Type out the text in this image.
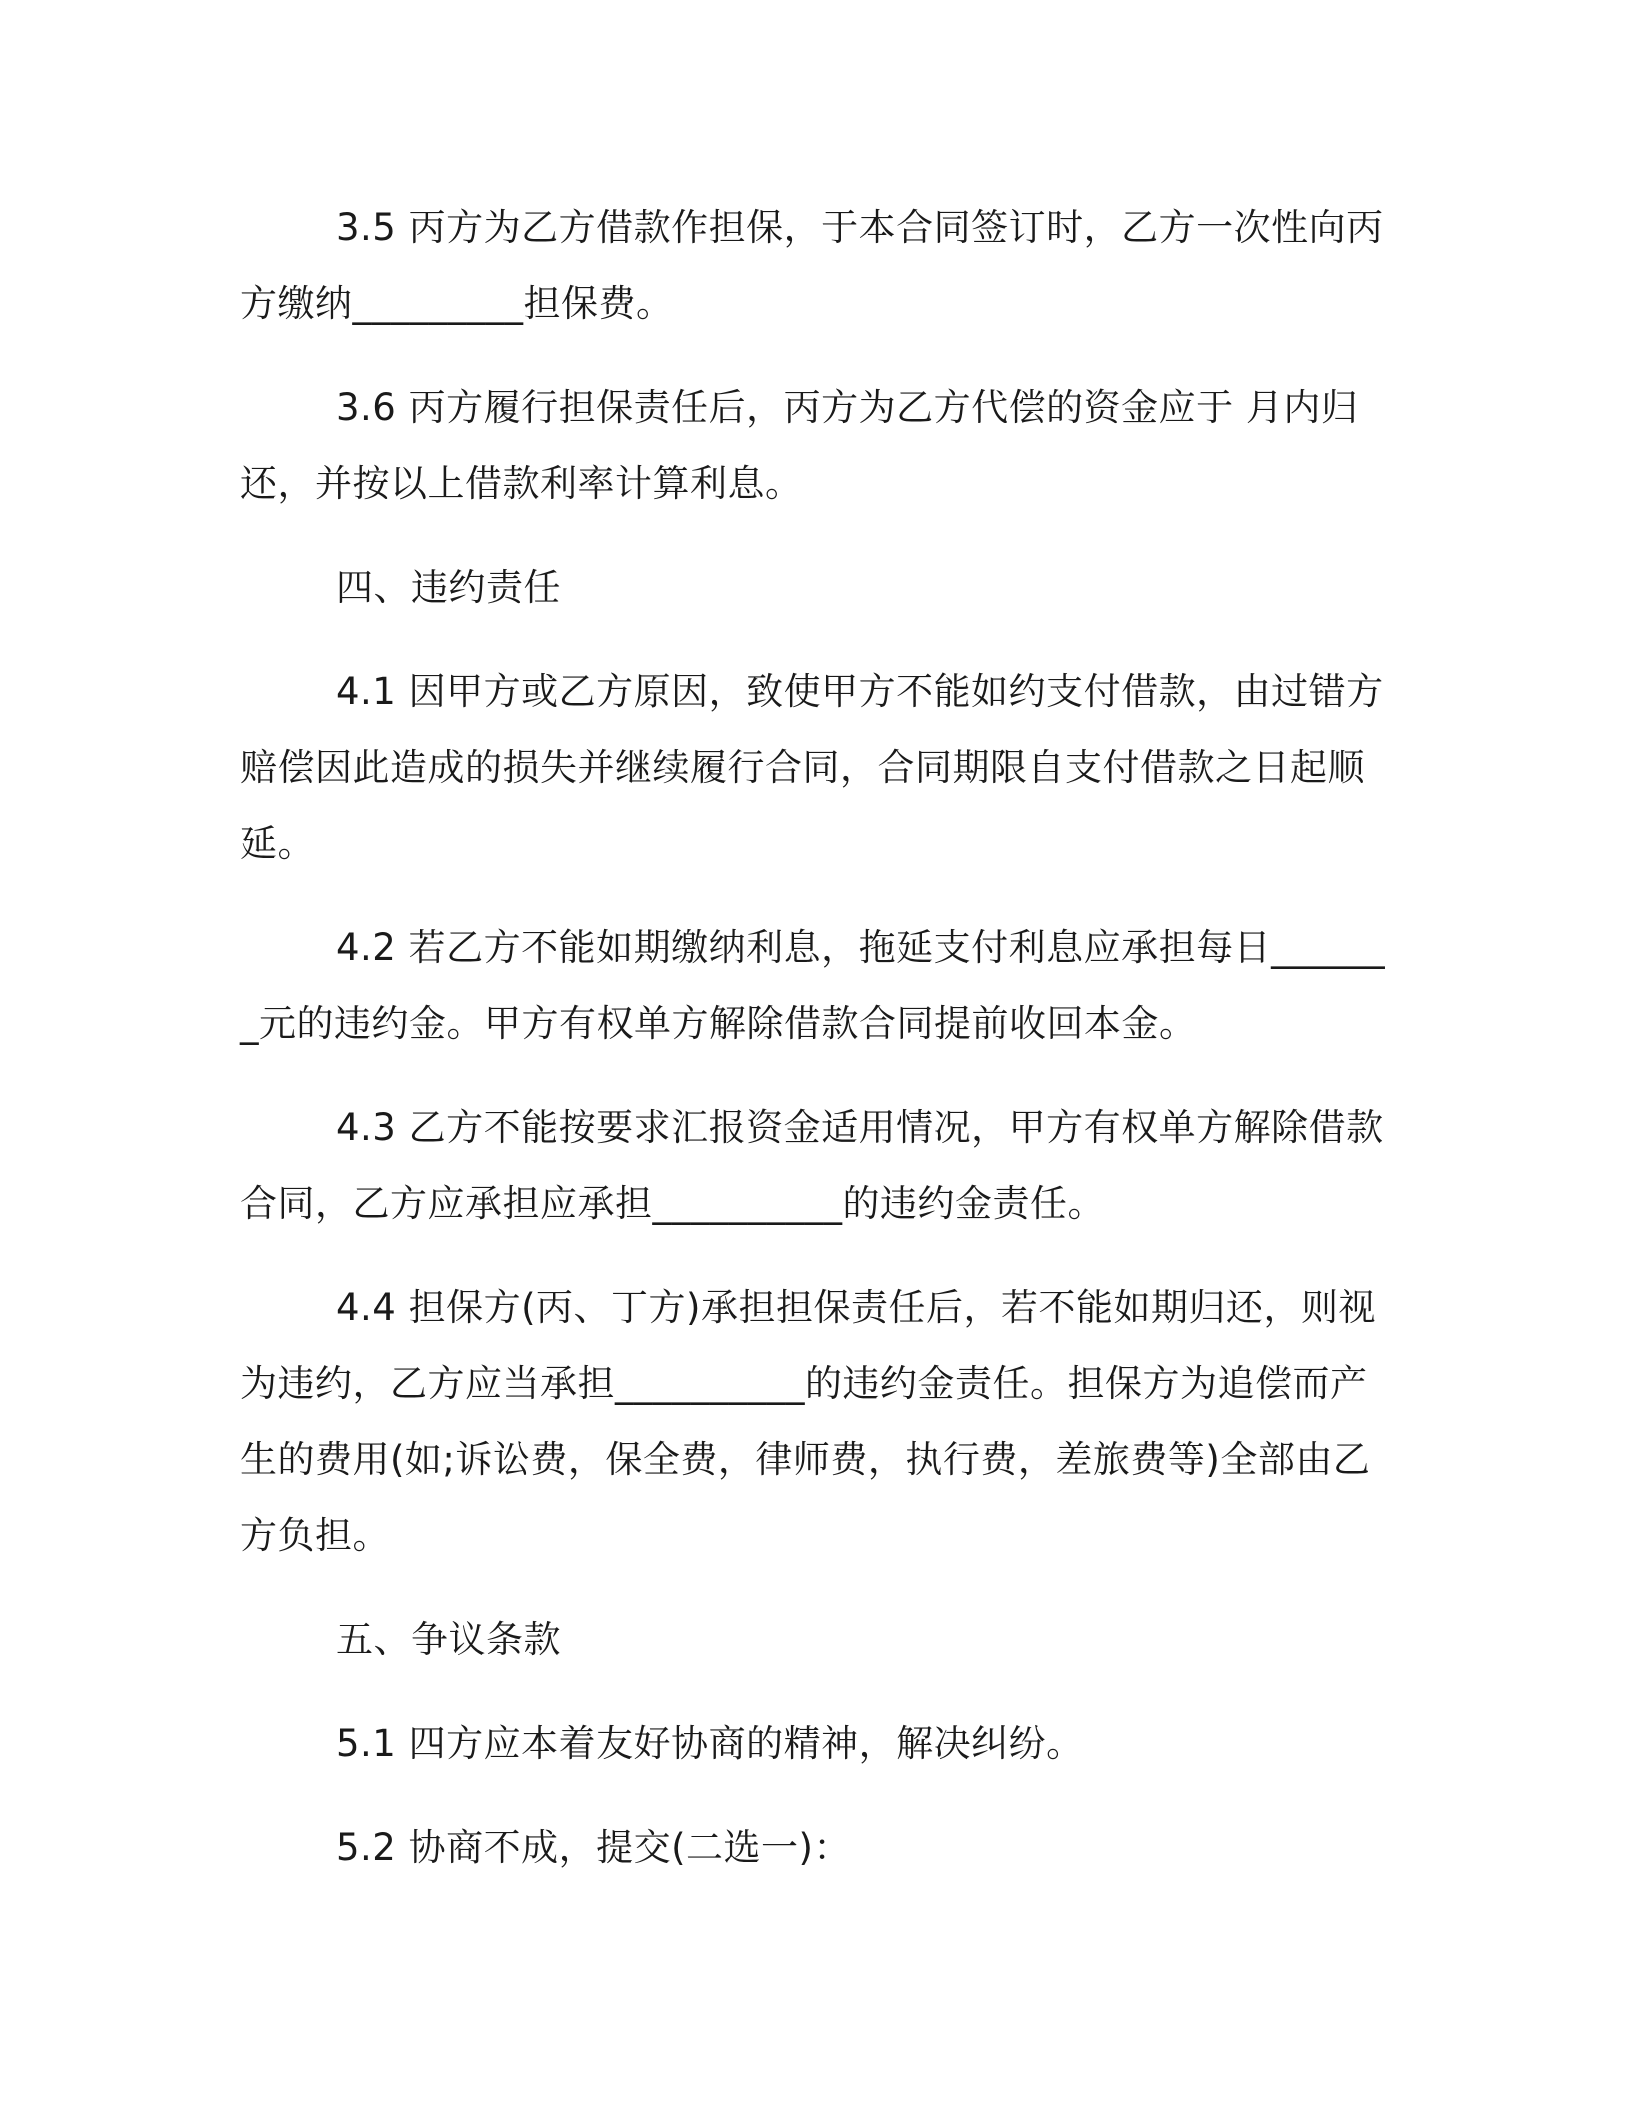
3.5 丙方为乙方借款作担保，于本合同签订时，乙方一次性向丙方缴纳_________担保费。

3.6 丙方履行担保责任后，丙方为乙方代偿的资金应于 月内归还，并按以上借款利率计算利息。

四、违约责任

4.1 因甲方或乙方原因，致使甲方不能如约支付借款，由过错方赔偿因此造成的损失并继续履行合同，合同期限自支付借款之日起顺延。

4.2 若乙方不能如期缴纳利息，拖延支付利息应承担每日_______元的违约金。甲方有权单方解除借款合同提前收回本金。

4.3 乙方不能按要求汇报资金适用情况，甲方有权单方解除借款合同，乙方应承担应承担__________的违约金责任。

4.4 担保方(丙、丁方)承担担保责任后，若不能如期归还，则视为违约，乙方应当承担__________的违约金责任。担保方为追偿而产生的费用(如;诉讼费，保全费，律师费，执行费，差旅费等)全部由乙方负担。

五、争议条款

5.1 四方应本着友好协商的精神，解决纠纷。

5.2 协商不成，提交(二选一)：
